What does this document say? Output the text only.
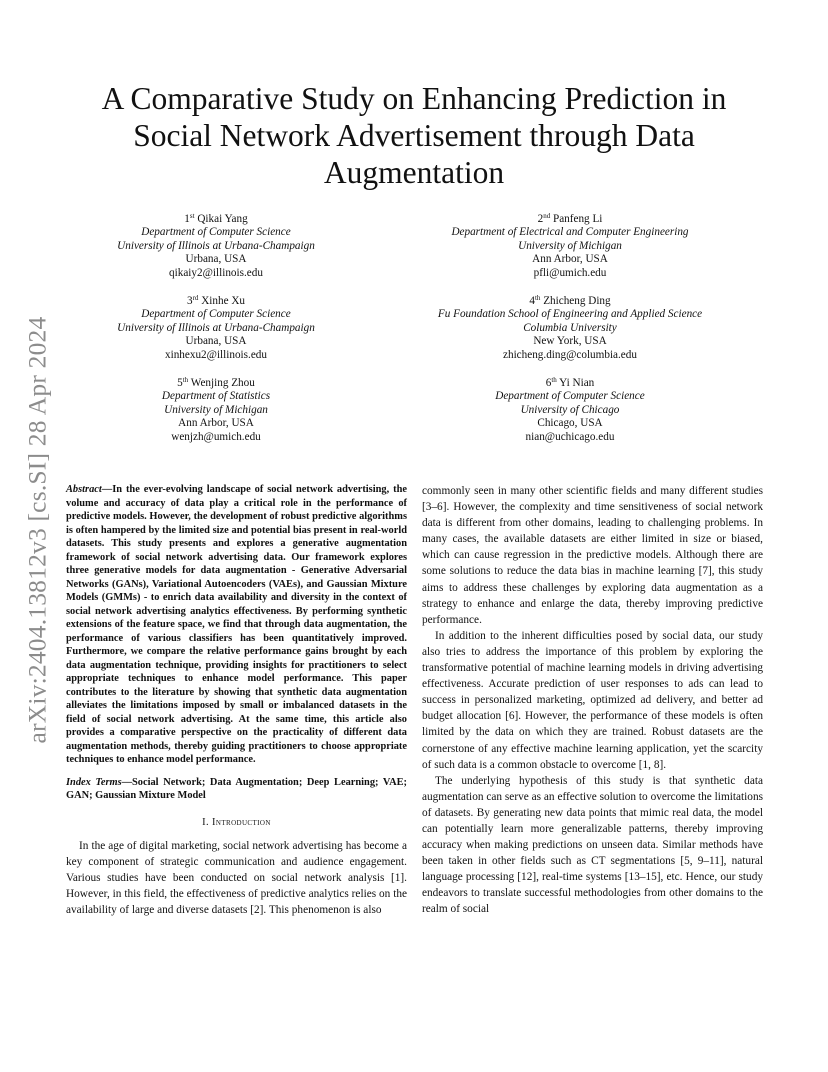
arXiv:2404.13812v3 [cs.SI] 28 Apr 2024
A Comparative Study on Enhancing Prediction in Social Network Advertisement through Data Augmentation
1st Qikai Yang
Department of Computer Science
University of Illinois at Urbana-Champaign
Urbana, USA
qikaiy2@illinois.edu
2nd Panfeng Li
Department of Electrical and Computer Engineering
University of Michigan
Ann Arbor, USA
pfli@umich.edu
3rd Xinhe Xu
Department of Computer Science
University of Illinois at Urbana-Champaign
Urbana, USA
xinhexu2@illinois.edu
4th Zhicheng Ding
Fu Foundation School of Engineering and Applied Science
Columbia University
New York, USA
zhicheng.ding@columbia.edu
5th Wenjing Zhou
Department of Statistics
University of Michigan
Ann Arbor, USA
wenjzh@umich.edu
6th Yi Nian
Department of Computer Science
University of Chicago
Chicago, USA
nian@uchicago.edu

Abstract—In the ever-evolving landscape of social network advertising, the volume and accuracy of data play a critical role in the performance of predictive models. However, the development of robust predictive algorithms is often hampered by the limited size and potential bias present in real-world datasets. This study presents and explores a generative augmentation framework of social network advertising data. Our framework explores three generative models for data augmentation - Generative Adversarial Networks (GANs), Variational Autoencoders (VAEs), and Gaussian Mixture Models (GMMs) - to enrich data availability and diversity in the context of social network advertising analytics effectiveness. By performing synthetic extensions of the feature space, we find that through data augmentation, the performance of various classifiers has been quantitatively improved. Furthermore, we compare the relative performance gains brought by each data augmentation technique, providing insights for practitioners to select appropriate techniques to enhance model performance. This paper contributes to the literature by showing that synthetic data augmentation alleviates the limitations imposed by small or imbalanced datasets in the field of social network advertising. At the same time, this article also provides a comparative perspective on the practicality of different data augmentation methods, thereby guiding practitioners to choose appropriate techniques to enhance model performance.

Index Terms—Social Network; Data Augmentation; Deep Learning; VAE; GAN; Gaussian Mixture Model

I. Introduction

In the age of digital marketing, social network advertising has become a key component of strategic communication and audience engagement. Various studies have been conducted on social network analysis [1]. However, in this field, the effectiveness of predictive analytics relies on the availability of large and diverse datasets [2]. This phenomenon is also

commonly seen in many other scientific fields and many different studies [3–6]. However, the complexity and time sensitiveness of social network data is different from other domains, leading to challenging problems. In many cases, the available datasets are either limited in size or biased, which can cause regression in the predictive models. Although there are some solutions to reduce the data bias in machine learning [7], this study aims to address these challenges by exploring data augmentation as a strategy to enhance and enlarge the data, thereby improving predictive performance.

In addition to the inherent difficulties posed by social data, our study also tries to address the importance of this problem by exploring the transformative potential of machine learning models in driving advertising effectiveness. Accurate prediction of user responses to ads can lead to success in personalized marketing, optimized ad delivery, and better ad budget allocation [6]. However, the performance of these models is often limited by the data on which they are trained. Robust datasets are the cornerstone of any effective machine learning application, yet the scarcity of such data is a common obstacle to overcome [1, 8].

The underlying hypothesis of this study is that synthetic data augmentation can serve as an effective solution to overcome the limitations of datasets. By generating new data points that mimic real data, the model can potentially learn more generalizable patterns, thereby improving accuracy when making predictions on unseen data. Similar methods have been taken in other fields such as CT segmentations [5, 9–11], natural language processing [12], real-time systems [13–15], etc. Hence, our study endeavors to translate successful methodologies from other domains to the realm of social
